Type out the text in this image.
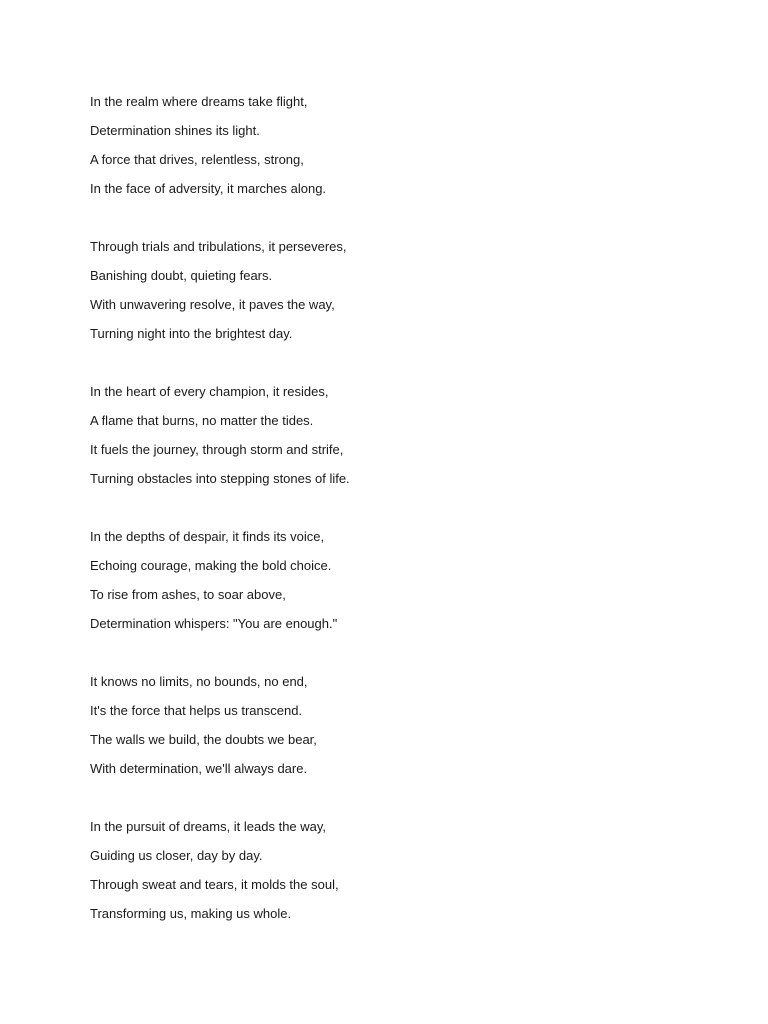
In the realm where dreams take flight,
Determination shines its light.
A force that drives, relentless, strong,
In the face of adversity, it marches along.
Through trials and tribulations, it perseveres,
Banishing doubt, quieting fears.
With unwavering resolve, it paves the way,
Turning night into the brightest day.
In the heart of every champion, it resides,
A flame that burns, no matter the tides.
It fuels the journey, through storm and strife,
Turning obstacles into stepping stones of life.
In the depths of despair, it finds its voice,
Echoing courage, making the bold choice.
To rise from ashes, to soar above,
Determination whispers: "You are enough."
It knows no limits, no bounds, no end,
It's the force that helps us transcend.
The walls we build, the doubts we bear,
With determination, we'll always dare.
In the pursuit of dreams, it leads the way,
Guiding us closer, day by day.
Through sweat and tears, it molds the soul,
Transforming us, making us whole.
